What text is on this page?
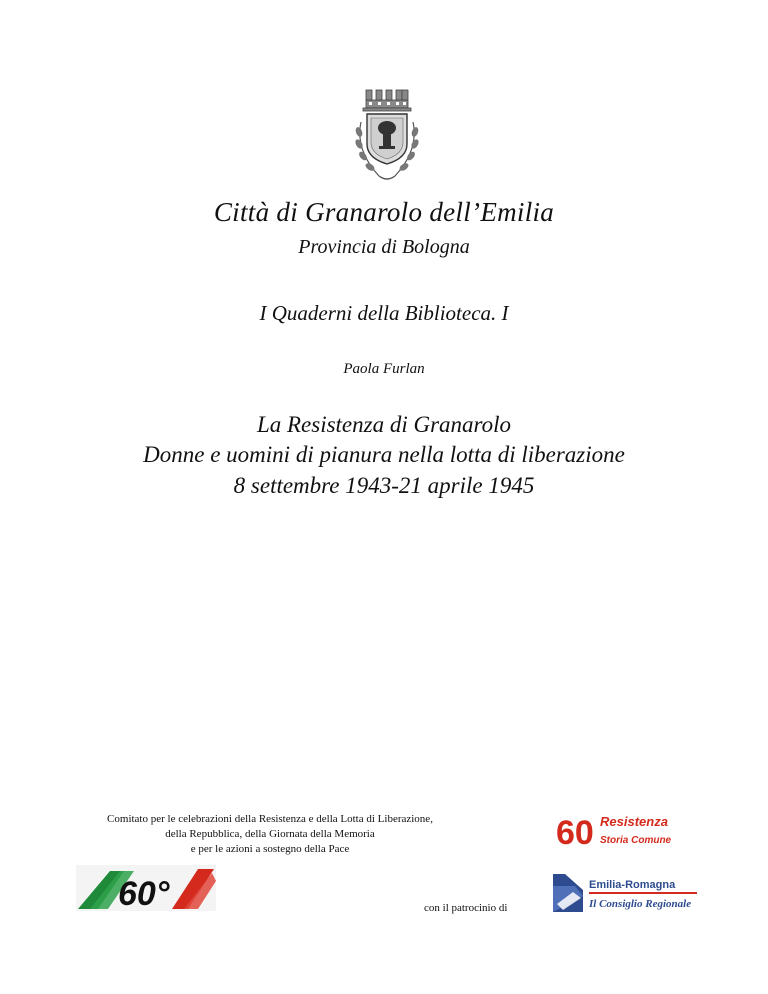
Città di Granarolo dell’Emilia
Provincia di Bologna
I Quaderni della Biblioteca. I
Paola Furlan
La Resistenza di Granarolo
Donne e uomini di pianura nella lotta di liberazione
8 settembre 1943-21 aprile 1945
Comitato per le celebrazioni della Resistenza e della Lotta di Liberazione,
della Repubblica, della Giornata della Memoria
e per le azioni a sostegno della Pace
60°
60 Resistenza
Storia Comune
con il patrocinio di
Emilia-Romagna
Il Consiglio Regionale
